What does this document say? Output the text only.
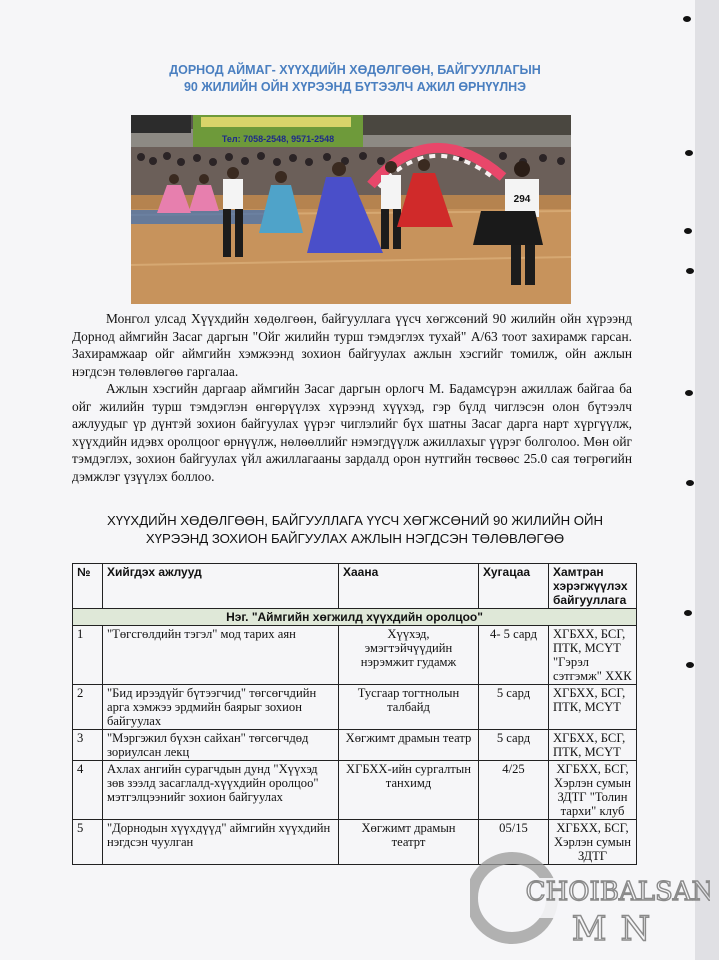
ДОРНОД АЙМАГ- ХҮҮХДИЙН ХӨДӨЛГӨӨН, БАЙГУУЛЛАГЫН
90 ЖИЛИЙН ОЙН ХҮРЭЭНД БҮТЭЭЛЧ АЖИЛ ӨРНҮҮЛНЭ
Тел: 7058-2548, 9571-2548
294
Монгол улсад Хүүхдийн хөдөлгөөн, байгууллага үүсч хөгжсөний 90 жилийн ойн хүрээнд Дорнод аймгийн Засаг даргын "Ойг жилийн турш тэмдэглэх тухай" А/63 тоот захирамж гарсан. Захирамжаар ойг аймгийн хэмжээнд зохион байгуулах ажлын хэсгийг томилж, ойн ажлын нэгдсэн төлөвлөгөө гаргалаа.
Ажлын хэсгийн даргаар аймгийн Засаг даргын орлогч М. Бадамсүрэн ажиллаж байгаа ба ойг жилийн турш тэмдэглэн өнгөрүүлэх хүрээнд хүүхэд, гэр бүлд чиглэсэн олон бүтээлч ажлуудыг үр дүнтэй зохион байгуулах үүрэг чиглэлийг бүх шатны Засаг дарга нарт хүргүүлж, хүүхдийн идэвх оролцоог өрнүүлж, нөлөөллийг нэмэгдүүлж ажиллахыг үүрэг болголоо. Мөн ойг тэмдэглэх, зохион байгуулах үйл ажиллагааны зардалд орон нутгийн төсвөөс 25.0 сая төгрөгийн дэмжлэг үзүүлэх боллоо.
ХҮҮХДИЙН ХӨДӨЛГӨӨН, БАЙГУУЛЛАГА ҮҮСЧ ХӨГЖСӨНИЙ 90 ЖИЛИЙН ОЙН
ХҮРЭЭНД ЗОХИОН БАЙГУУЛАХ АЖЛЫН НЭГДСЭН ТӨЛӨВЛӨГӨӨ
№	Хийгдэх ажлууд	Хаана	Хугацаа	Хамтран хэрэгжүүлэх байгууллага
Нэг. "Аймгийн хөгжилд хүүхдийн оролцоо"				
1	"Төгсгөлдийн тэгэл" мод тарих аян	Хүүхэд, эмэгтэйчүүдийн нэрэмжит гудамж	4- 5 сард	ХГБХХ, БСГ, ПТК, МСҮТ "Гэрэл сэтгэмж" ХХК
2	"Бид ирээдүйг бүтээгчид" төгсөгчдийн арга хэмжээ эрдмийн баярыг зохион байгуулах	Тусгаар тогтнолын талбайд	5 сард	ХГБХХ, БСГ, ПТК, МСҮТ
3	"Мэргэжил бүхэн сайхан" төгсөгчдөд зориулсан лекц	Хөгжимт драмын театр	5 сард	ХГБХХ, БСГ, ПТК, МСҮТ
4	Ахлах ангийн сурагчдын дунд "Хүүхэд зөв зээлд засаглалд-хүүхдийн оролцоо" мэтгэлцээнийг зохион байгуулах	ХГБХХ-ийн сургалтын танхимд	4/25	ХГБХХ, БСГ, Хэрлэн сумын ЗДТГ "Толин тархи" клуб
5	"Дорнодын хүүхдүүд" аймгийн хүүхдийн нэгдсэн чуулган	Хөгжимт драмын театрт	05/15	ХГБХХ, БСГ, Хэрлэн сумын ЗДТГ
CHOIBALSAN
MN
